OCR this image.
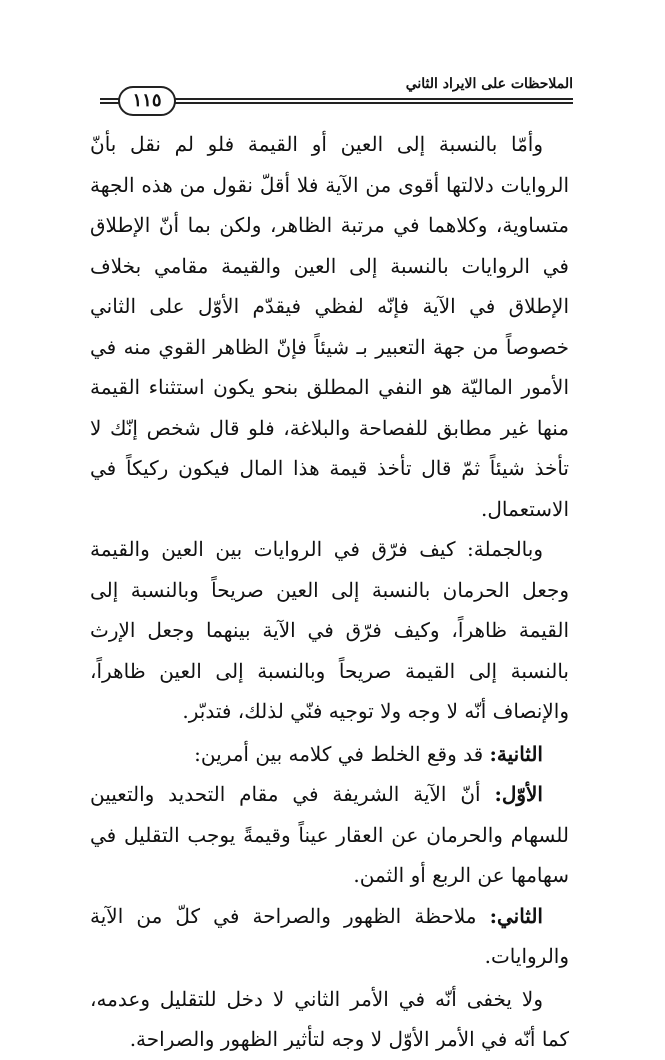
الملاحظات على الايراد الثاني
١١٥

وأمّا بالنسبة إلى العين أو القيمة فلو لم نقل بأنّ الروايات دلالتها أقوى من الآية فلا أقلّ نقول من هذه الجهة متساوية، وكلاهما في مرتبة الظاهر، ولكن بما أنّ الإطلاق في الروايات بالنسبة إلى العين والقيمة مقامي بخلاف الإطلاق في الآية فإنّه لفظي فيقدّم الأوّل على الثاني خصوصاً من جهة التعبير بـ شيئاً فإنّ الظاهر القوي منه في الأمور الماليّة هو النفي المطلق بنحو يكون استثناء القيمة منها غير مطابق للفصاحة والبلاغة، فلو قال شخص إنّك لا تأخذ شيئاً ثمّ قال تأخذ قيمة هذا المال فيكون ركيكاً في الاستعمال.

وبالجملة: كيف فرّق في الروايات بين العين والقيمة وجعل الحرمان بالنسبة إلى العين صريحاً وبالنسبة إلى القيمة ظاهراً، وكيف فرّق في الآية بينهما وجعل الإرث بالنسبة إلى القيمة صريحاً وبالنسبة إلى العين ظاهراً، والإنصاف أنّه لا وجه ولا توجيه فنّي لذلك، فتدبّر.

الثانية: قد وقع الخلط في كلامه بين أمرين:

الأوّل: أنّ الآية الشريفة في مقام التحديد والتعيين للسهام والحرمان عن العقار عيناً وقيمةً يوجب التقليل في سهامها عن الربع أو الثمن.

الثاني: ملاحظة الظهور والصراحة في كلّ من الآية والروايات.

ولا يخفى أنّه في الأمر الثاني لا دخل للتقليل وعدمه، كما أنّه في الأمر الأوّل لا وجه لتأثير الظهور والصراحة.
